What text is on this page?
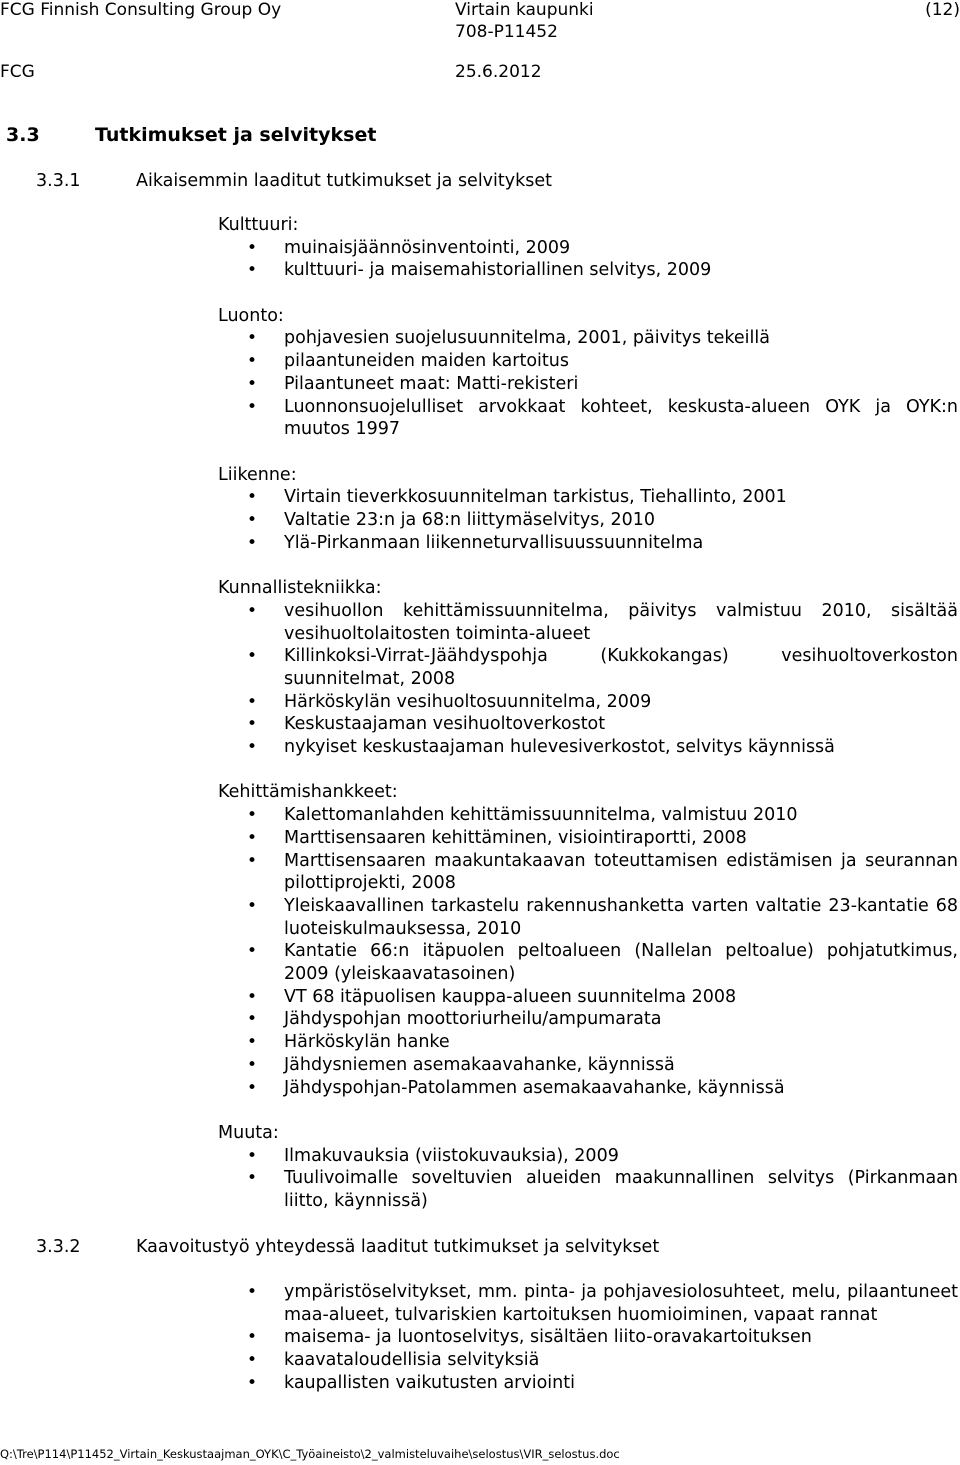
FCG Finnish Consulting Group Oy	Virtain kaupunki	(12)
708-P11452
FCG	25.6.2012
3.3	Tutkimukset ja selvitykset
3.3.1	Aikaisemmin laaditut tutkimukset ja selvitykset
Kulttuuri:
• muinaisjäännösinventointi, 2009
• kulttuuri- ja maisemahistoriallinen selvitys, 2009
Luonto:
• pohjavesien suojelusuunnitelma, 2001, päivitys tekeillä
• pilaantuneiden maiden kartoitus
• Pilaantuneet maat: Matti-rekisteri
• Luonnonsuojelulliset arvokkaat kohteet, keskusta-alueen OYK ja OYK:n muutos 1997
Liikenne:
• Virtain tieverkkosuunnitelman tarkistus, Tiehallinto, 2001
• Valtatie 23:n ja 68:n liittymäselvitys, 2010
• Ylä-Pirkanmaan liikenneturvallisuussuunnitelma
Kunnallistekniikka:
• vesihuollon kehittämissuunnitelma, päivitys valmistuu 2010, sisältää vesihuoltolaitosten toiminta-alueet
• Killinkoksi-Virrat-Jäähdyspohja (Kukkokangas) vesihuoltoverkoston suunnitelmat, 2008
• Härköskylän vesihuoltosuunnitelma, 2009
• Keskustaajaman vesihuoltoverkostot
• nykyiset keskustaajaman hulevesiverkostot, selvitys käynnissä
Kehittämishankkeet:
• Kalettomanlahden kehittämissuunnitelma, valmistuu 2010
• Marttisensaaren kehittäminen, visiointiraportti, 2008
• Marttisensaaren maakuntakaavan toteuttamisen edistämisen ja seurannan pilottiprojekti, 2008
• Yleiskaavallinen tarkastelu rakennushanketta varten valtatie 23-kantatie 68 luoteiskulmauksessa, 2010
• Kantatie 66:n itäpuolen peltoalueen (Nallelan peltoalue) pohjatutkimus, 2009 (yleiskaavatasoinen)
• VT 68 itäpuolisen kauppa-alueen suunnitelma 2008
• Jähdyspohjan moottoriurheilu/ampumarata
• Härköskylän hanke
• Jähdysniemen asemakaavahanke, käynnissä
• Jähdyspohjan-Patolammen asemakaavahanke, käynnissä
Muuta:
• Ilmakuvauksia (viistokuvauksia), 2009
• Tuulivoimalle soveltuvien alueiden maakunnallinen selvitys (Pirkanmaan liitto, käynnissä)
3.3.2	Kaavoitustyö yhteydessä laaditut tutkimukset ja selvitykset
• ympäristöselvitykset, mm. pinta- ja pohjavesiolosuhteet, melu, pilaantuneet maa-alueet, tulvariskien kartoituksen huomioiminen, vapaat rannat
• maisema- ja luontoselvitys, sisältäen liito-oravakartoituksen
• kaavataloudellisia selvityksiä
• kaupallisten vaikutusten arviointi
Q:\Tre\P114\P11452_Virtain_Keskustaajman_OYK\C_Työaineisto\2_valmisteluvaihe\selostus\VIR_selostus.doc
